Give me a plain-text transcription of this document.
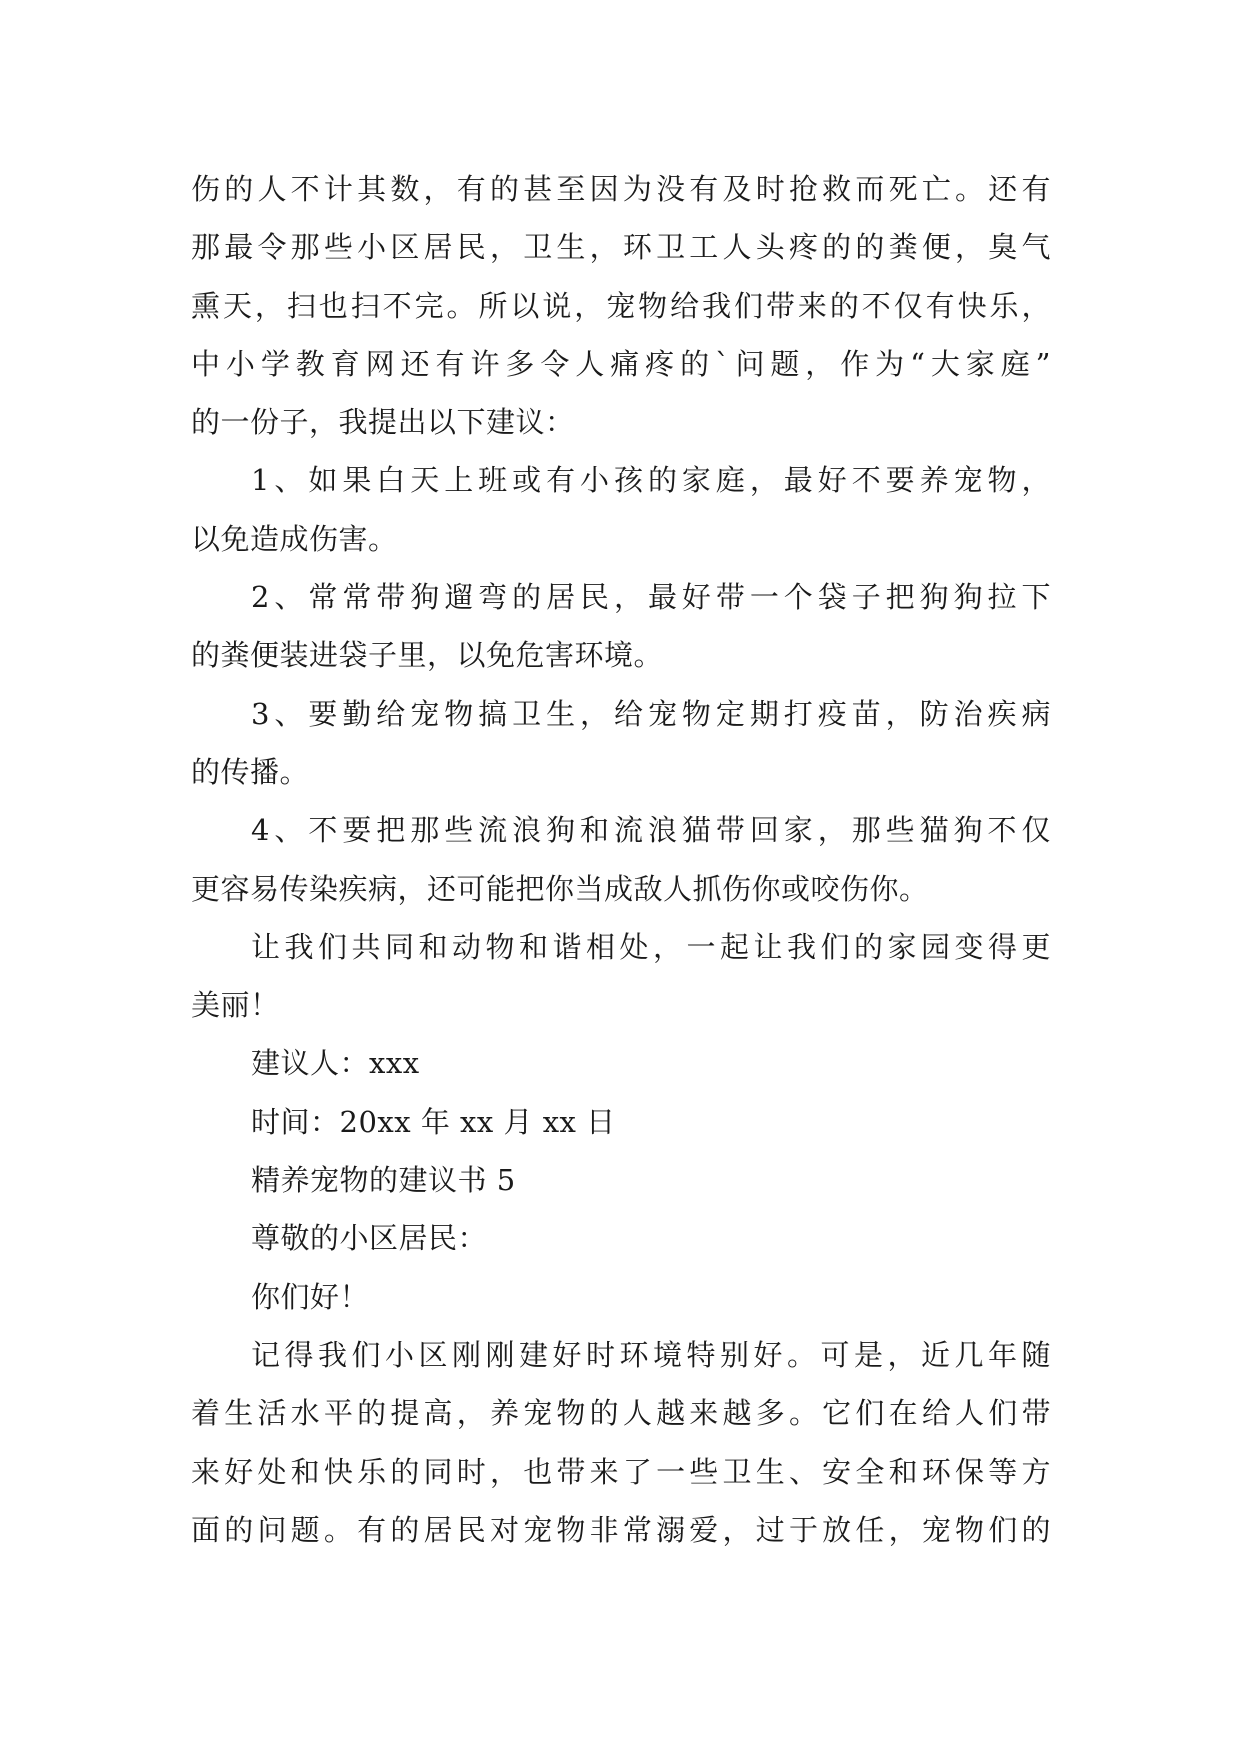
伤的人不计其数，有的甚至因为没有及时抢救而死亡。还有
那最令那些小区居民，卫生，环卫工人头疼的的粪便，臭气
熏天，扫也扫不完。所以说，宠物给我们带来的不仅有快乐，
中小学教育网还有许多令人痛疼的`问题，作为“大家庭”
的一份子，我提出以下建议：
1、如果白天上班或有小孩的家庭，最好不要养宠物，
以免造成伤害。
2、常常带狗遛弯的居民，最好带一个袋子把狗狗拉下
的粪便装进袋子里，以免危害环境。
3、要勤给宠物搞卫生，给宠物定期打疫苗，防治疾病
的传播。
4、不要把那些流浪狗和流浪猫带回家，那些猫狗不仅
更容易传染疾病，还可能把你当成敌人抓伤你或咬伤你。
让我们共同和动物和谐相处，一起让我们的家园变得更
美丽！
建议人：xxx
时间：20xx 年 xx 月 xx 日
精养宠物的建议书 5
尊敬的小区居民：
你们好！
记得我们小区刚刚建好时环境特别好。可是，近几年随
着生活水平的提高，养宠物的人越来越多。它们在给人们带
来好处和快乐的同时，也带来了一些卫生、安全和环保等方
面的问题。有的居民对宠物非常溺爱，过于放任，宠物们的
